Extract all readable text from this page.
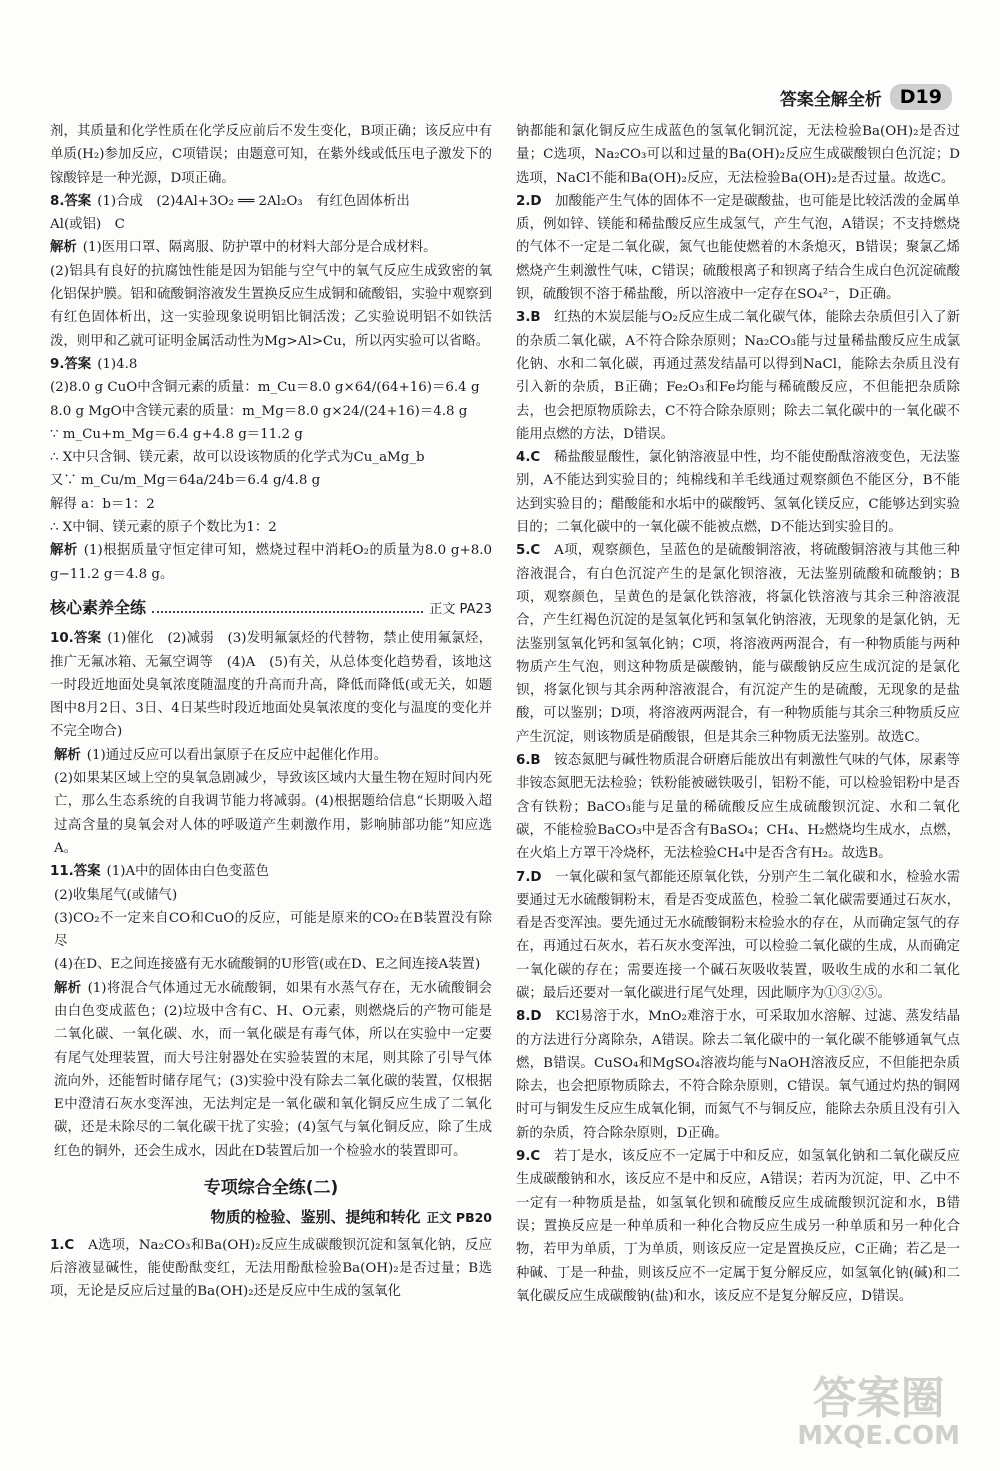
答案全解全析 D19

剂，其质量和化学性质在化学反应前后不发生变化，B项正确；该反应中有单质(H₂)参加反应，C项错误；由题意可知，在紫外线或低压电子激发下的镓酸锌是一种光源，D项正确。

8.答案 (1)合成　(2)4Al+3O₂ ══ 2Al₂O₃　有红色固体析出

Al(或铝)　C

解析 (1)医用口罩、隔离服、防护罩中的材料大部分是合成材料。

(2)铝具有良好的抗腐蚀性能是因为铝能与空气中的氧气反应生成致密的氧化铝保护膜。铝和硫酸铜溶液发生置换反应生成铜和硫酸铝，实验中观察到有红色固体析出，这一实验现象说明铝比铜活泼；乙实验说明铝不如铁活泼，则甲和乙就可证明金属活动性为Mg>Al>Cu，所以丙实验可以省略。

9.答案 (1)4.8

(2)8.0 g CuO中含铜元素的质量：m_Cu＝8.0 g×64/(64+16)＝6.4 g

8.0 g MgO中含镁元素的质量：m_Mg＝8.0 g×24/(24+16)＝4.8 g

∵ m_Cu+m_Mg＝6.4 g+4.8 g＝11.2 g

∴ X中只含铜、镁元素，故可以设该物质的化学式为Cu_aMg_b

又∵ m_Cu/m_Mg＝64a/24b＝6.4 g/4.8 g

解得 a：b＝1：2

∴ X中铜、镁元素的原子个数比为1：2

解析 (1)根据质量守恒定律可知，燃烧过程中消耗O₂的质量为8.0 g+8.0 g−11.2 g＝4.8 g。

核心素养全练	正文 PA23

10.答案 (1)催化　(2)减弱　(3)发明氟氯烃的代替物，禁止使用氟氯烃，推广无氟冰箱、无氟空调等　(4)A　(5)有关，从总体变化趋势看，该地这一时段近地面处臭氧浓度随温度的升高而升高，降低而降低(或无关，如题图中8月2日、3日、4日某些时段近地面处臭氧浓度的变化与温度的变化并不完全吻合)

解析 (1)通过反应可以看出氯原子在反应中起催化作用。

(2)如果某区域上空的臭氧急剧减少，导致该区域内大量生物在短时间内死亡，那么生态系统的自我调节能力将减弱。(4)根据题给信息“长期吸入超过高含量的臭氧会对人体的呼吸道产生刺激作用，影响肺部功能”知应选A。

11.答案 (1)A中的固体由白色变蓝色

(2)收集尾气(或储气)

(3)CO₂不一定来自CO和CuO的反应，可能是原来的CO₂在B装置没有除尽

(4)在D、E之间连接盛有无水硫酸铜的U形管(或在D、E之间连接A装置)

解析 (1)将混合气体通过无水硫酸铜，如果有水蒸气存在，无水硫酸铜会由白色变成蓝色；(2)垃圾中含有C、H、O元素，则燃烧后的产物可能是二氧化碳、一氧化碳、水，而一氧化碳是有毒气体，所以在实验中一定要有尾气处理装置，而大号注射器处在实验装置的末尾，则其除了引导气体流向外，还能暂时储存尾气；(3)实验中没有除去二氧化碳的装置，仅根据E中澄清石灰水变浑浊，无法判定是一氧化碳和氧化铜反应生成了二氧化碳，还是未除尽的二氧化碳干扰了实验；(4)氢气与氧化铜反应，除了生成红色的铜外，还会生成水，因此在D装置后加一个检验水的装置即可。

专项综合全练(二)
物质的检验、鉴别、提纯和转化 正文 PB20

1.C　 A选项，Na₂CO₃和Ba(OH)₂反应生成碳酸钡沉淀和氢氧化钠，反应后溶液显碱性，能使酚酞变红，无法用酚酞检验Ba(OH)₂是否过量；B选项，无论是反应后过量的Ba(OH)₂还是反应中生成的氢氧化

钠都能和氯化铜反应生成蓝色的氢氧化铜沉淀，无法检验Ba(OH)₂是否过量；C选项，Na₂CO₃可以和过量的Ba(OH)₂反应生成碳酸钡白色沉淀；D选项，NaCl不能和Ba(OH)₂反应，无法检验Ba(OH)₂是否过量。故选C。

2.D　 加酸能产生气体的固体不一定是碳酸盐，也可能是比较活泼的金属单质，例如锌、镁能和稀盐酸反应生成氢气，产生气泡，A错误；不支持燃烧的气体不一定是二氧化碳，氮气也能使燃着的木条熄灭，B错误；聚氯乙烯燃烧产生刺激性气味，C错误；硫酸根离子和钡离子结合生成白色沉淀硫酸钡，硫酸钡不溶于稀盐酸，所以溶液中一定存在SO₄²⁻，D正确。

3.B　 红热的木炭层能与O₂反应生成二氧化碳气体，能除去杂质但引入了新的杂质二氧化碳，A不符合除杂原则；Na₂CO₃能与过量稀盐酸反应生成氯化钠、水和二氧化碳，再通过蒸发结晶可以得到NaCl，能除去杂质且没有引入新的杂质，B正确；Fe₂O₃和Fe均能与稀硫酸反应，不但能把杂质除去，也会把原物质除去，C不符合除杂原则；除去二氧化碳中的一氧化碳不能用点燃的方法，D错误。

4.C　 稀盐酸显酸性，氯化钠溶液显中性，均不能使酚酞溶液变色，无法鉴别，A不能达到实验目的；纯棉线和羊毛线通过观察颜色不能区分，B不能达到实验目的；醋酸能和水垢中的碳酸钙、氢氧化镁反应，C能够达到实验目的；二氧化碳中的一氧化碳不能被点燃，D不能达到实验目的。

5.C　 A项，观察颜色，呈蓝色的是硫酸铜溶液，将硫酸铜溶液与其他三种溶液混合，有白色沉淀产生的是氯化钡溶液，无法鉴别硫酸和硫酸钠；B项，观察颜色，呈黄色的是氯化铁溶液，将氯化铁溶液与其余三种溶液混合，产生红褐色沉淀的是氢氧化钙和氢氧化钠溶液，无现象的是氯化钠，无法鉴别氢氧化钙和氢氧化钠；C项，将溶液两两混合，有一种物质能与两种物质产生气泡，则这种物质是碳酸钠，能与碳酸钠反应生成沉淀的是氯化钡，将氯化钡与其余两种溶液混合，有沉淀产生的是硫酸，无现象的是盐酸，可以鉴别；D项，将溶液两两混合，有一种物质能与其余三种物质反应产生沉淀，则该物质是硝酸银，但是其余三种物质无法鉴别。故选C。

6.B　 铵态氮肥与碱性物质混合研磨后能放出有刺激性气味的气体，尿素等非铵态氮肥无法检验；铁粉能被磁铁吸引，铝粉不能，可以检验铝粉中是否含有铁粉；BaCO₃能与足量的稀硫酸反应生成硫酸钡沉淀、水和二氧化碳，不能检验BaCO₃中是否含有BaSO₄；CH₄、H₂燃烧均生成水，点燃，在火焰上方罩干冷烧杯，无法检验CH₄中是否含有H₂。故选B。

7.D　 一氧化碳和氢气都能还原氧化铁，分别产生二氧化碳和水，检验水需要通过无水硫酸铜粉末，看是否变成蓝色，检验二氧化碳需要通过石灰水，看是否变浑浊。要先通过无水硫酸铜粉末检验水的存在，从而确定氢气的存在，再通过石灰水，若石灰水变浑浊，可以检验二氧化碳的生成，从而确定一氧化碳的存在；需要连接一个碱石灰吸收装置，吸收生成的水和二氧化碳；最后还要对一氧化碳进行尾气处理，因此顺序为①③②⑤。

8.D　 KCl易溶于水，MnO₂难溶于水，可采取加水溶解、过滤、蒸发结晶的方法进行分离除杂，A错误。除去二氧化碳中的一氧化碳不能够通氧气点燃，B错误。CuSO₄和MgSO₄溶液均能与NaOH溶液反应，不但能把杂质除去，也会把原物质除去，不符合除杂原则，C错误。氧气通过灼热的铜网时可与铜发生反应生成氧化铜，而氮气不与铜反应，能除去杂质且没有引入新的杂质，符合除杂原则，D正确。

9.C　 若丁是水，该反应不一定属于中和反应，如氢氧化钠和二氧化碳反应生成碳酸钠和水，该反应不是中和反应，A错误；若丙为沉淀，甲、乙中不一定有一种物质是盐，如氢氧化钡和硫酸反应生成硫酸钡沉淀和水，B错误；置换反应是一种单质和一种化合物反应生成另一种单质和另一种化合物，若甲为单质，丁为单质，则该反应一定是置换反应，C正确；若乙是一种碱、丁是一种盐，则该反应不一定属于复分解反应，如氢氧化钠(碱)和二氧化碳反应生成碳酸钠(盐)和水，该反应不是复分解反应，D错误。

答案圈
MXQE.COM
